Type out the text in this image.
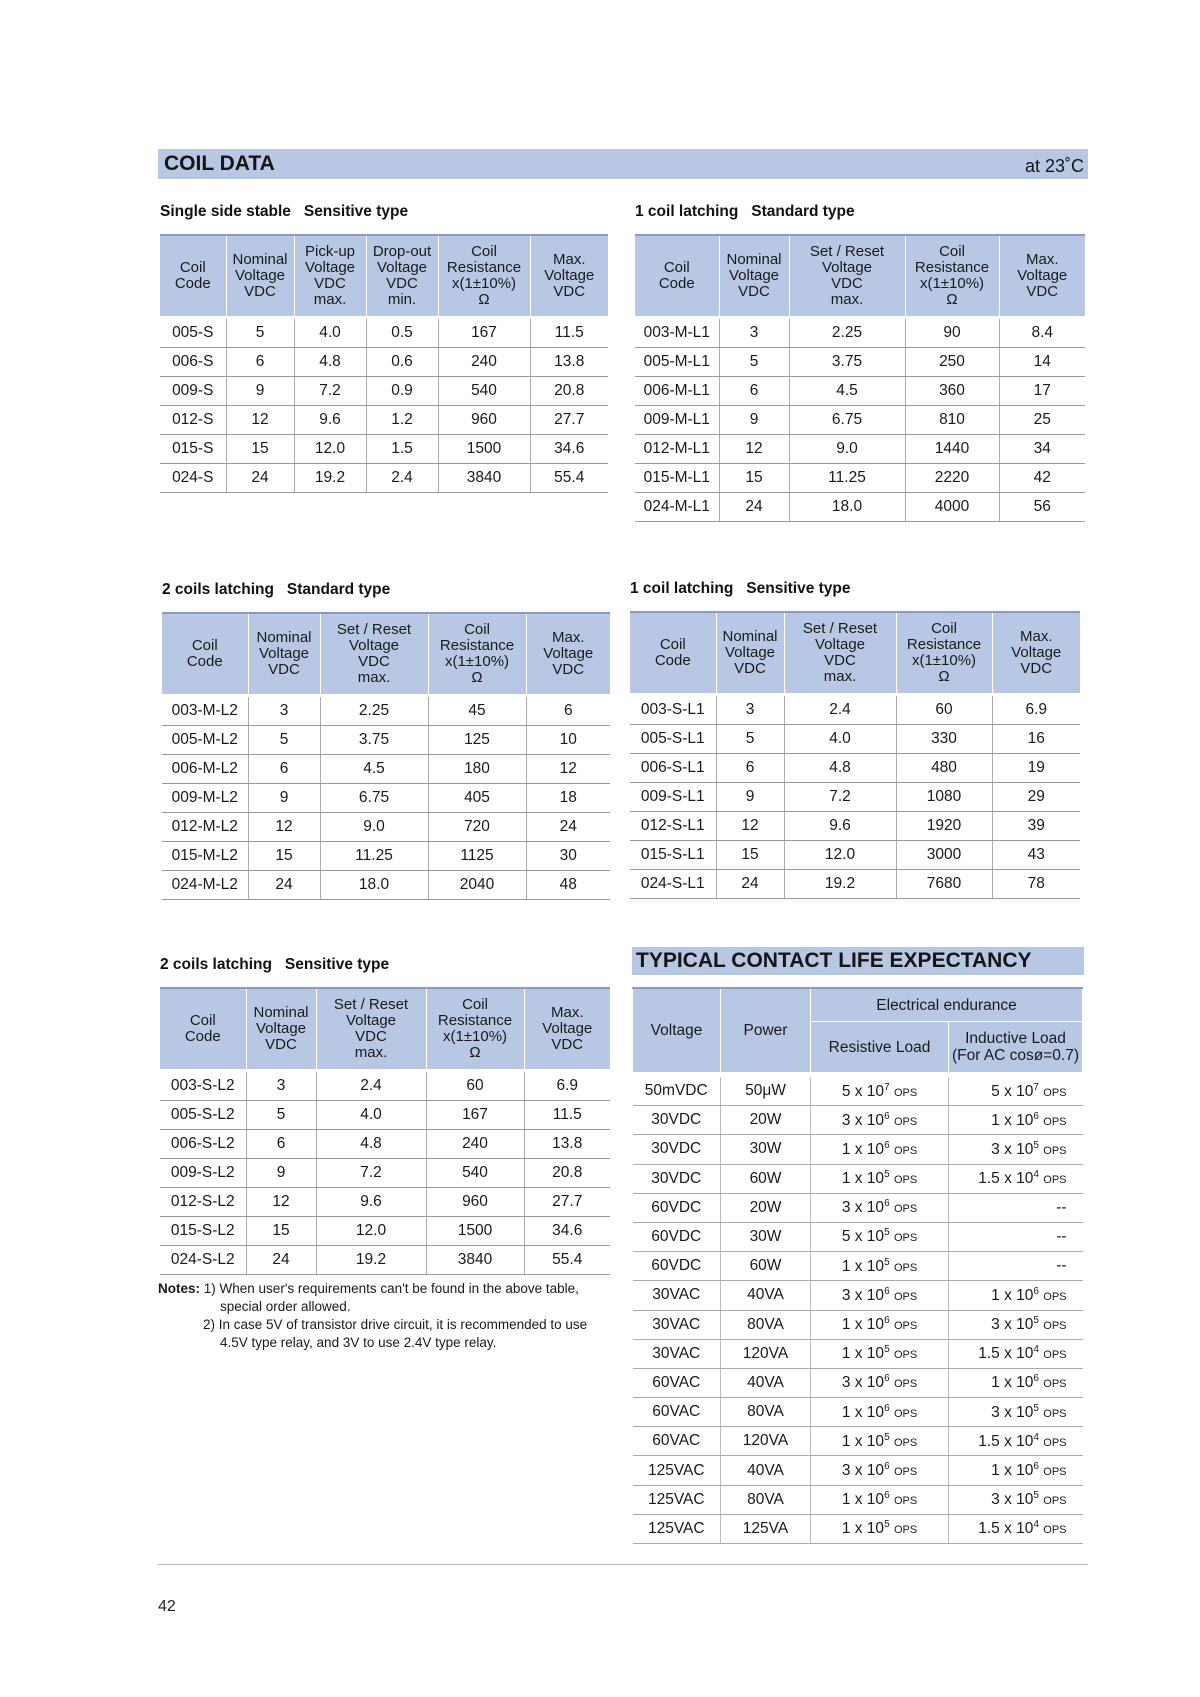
COIL DATA	at 23˚C
Single side stable   Sensitive type
Coil
Code	Nominal
Voltage
VDC	Pick-up
Voltage
VDC
max.	Drop-out
Voltage
VDC
min.	Coil
Resistance
x(1±10%)
Ω	Max.
Voltage
VDC

005-S	5	4.0	0.5	167	11.5
006-S	6	4.8	0.6	240	13.8
009-S	9	7.2	0.9	540	20.8
012-S	12	9.6	1.2	960	27.7
015-S	15	12.0	1.5	1500	34.6
024-S	24	19.2	2.4	3840	55.4
1 coil latching   Standard type
Coil
Code	Nominal
Voltage
VDC	Set / Reset
Voltage
VDC
max.	Coil
Resistance
x(1±10%)
Ω	Max.
Voltage
VDC

003-M-L1	3	2.25	90	8.4
005-M-L1	5	3.75	250	14
006-M-L1	6	4.5	360	17
009-M-L1	9	6.75	810	25
012-M-L1	12	9.0	1440	34
015-M-L1	15	11.25	2220	42
024-M-L1	24	18.0	4000	56
2 coils latching   Standard type
Coil
Code	Nominal
Voltage
VDC	Set / Reset
Voltage
VDC
max.	Coil
Resistance
x(1±10%)
Ω	Max.
Voltage
VDC

003-M-L2	3	2.25	45	6
005-M-L2	5	3.75	125	10
006-M-L2	6	4.5	180	12
009-M-L2	9	6.75	405	18
012-M-L2	12	9.0	720	24
015-M-L2	15	11.25	1125	30
024-M-L2	24	18.0	2040	48
1 coil latching   Sensitive type
Coil
Code	Nominal
Voltage
VDC	Set / Reset
Voltage
VDC
max.	Coil
Resistance
x(1±10%)
Ω	Max.
Voltage
VDC

003-S-L1	3	2.4	60	6.9
005-S-L1	5	4.0	330	16
006-S-L1	6	4.8	480	19
009-S-L1	9	7.2	1080	29
012-S-L1	12	9.6	1920	39
015-S-L1	15	12.0	3000	43
024-S-L1	24	19.2	7680	78
2 coils latching   Sensitive type
Coil
Code	Nominal
Voltage
VDC	Set / Reset
Voltage
VDC
max.	Coil
Resistance
x(1±10%)
Ω	Max.
Voltage
VDC

003-S-L2	3	2.4	60	6.9
005-S-L2	5	4.0	167	11.5
006-S-L2	6	4.8	240	13.8
009-S-L2	9	7.2	540	20.8
012-S-L2	12	9.6	960	27.7
015-S-L2	15	12.0	1500	34.6
024-S-L2	24	19.2	3840	55.4
Notes: 1) When user's requirements can't be found in the above table,
special order allowed.
2) In case 5V of transistor drive circuit, it is recommended to use
4.5V type relay, and 3V to use 2.4V type relay.
TYPICAL CONTACT LIFE EXPECTANCY
Voltage	Power	Electrical endurance	
		Resistive Load	Inductive Load
(For AC cosø=0.7)

50mVDC	50μW	5 x $10^7$ OPS	5 x $10^7$ OPS
30VDC	20W	3 x $10^6$ OPS	1 x $10^6$ OPS
30VDC	30W	1 x $10^6$ OPS	3 x $10^5$ OPS
30VDC	60W	1 x $10^5$ OPS	1.5 x $10^4$ OPS
60VDC	20W	3 x $10^6$ OPS	--
60VDC	30W	5 x $10^5$ OPS	--
60VDC	60W	1 x $10^5$ OPS	--
30VAC	40VA	3 x $10^6$ OPS	1 x $10^6$ OPS
30VAC	80VA	1 x $10^6$ OPS	3 x $10^5$ OPS
30VAC	120VA	1 x $10^5$ OPS	1.5 x $10^4$ OPS
60VAC	40VA	3 x $10^6$ OPS	1 x $10^6$ OPS
60VAC	80VA	1 x $10^6$ OPS	3 x $10^5$ OPS
60VAC	120VA	1 x $10^5$ OPS	1.5 x $10^4$ OPS
125VAC	40VA	3 x $10^6$ OPS	1 x $10^6$ OPS
125VAC	80VA	1 x $10^6$ OPS	3 x $10^5$ OPS
125VAC	125VA	1 x $10^5$ OPS	1.5 x $10^4$ OPS
42
